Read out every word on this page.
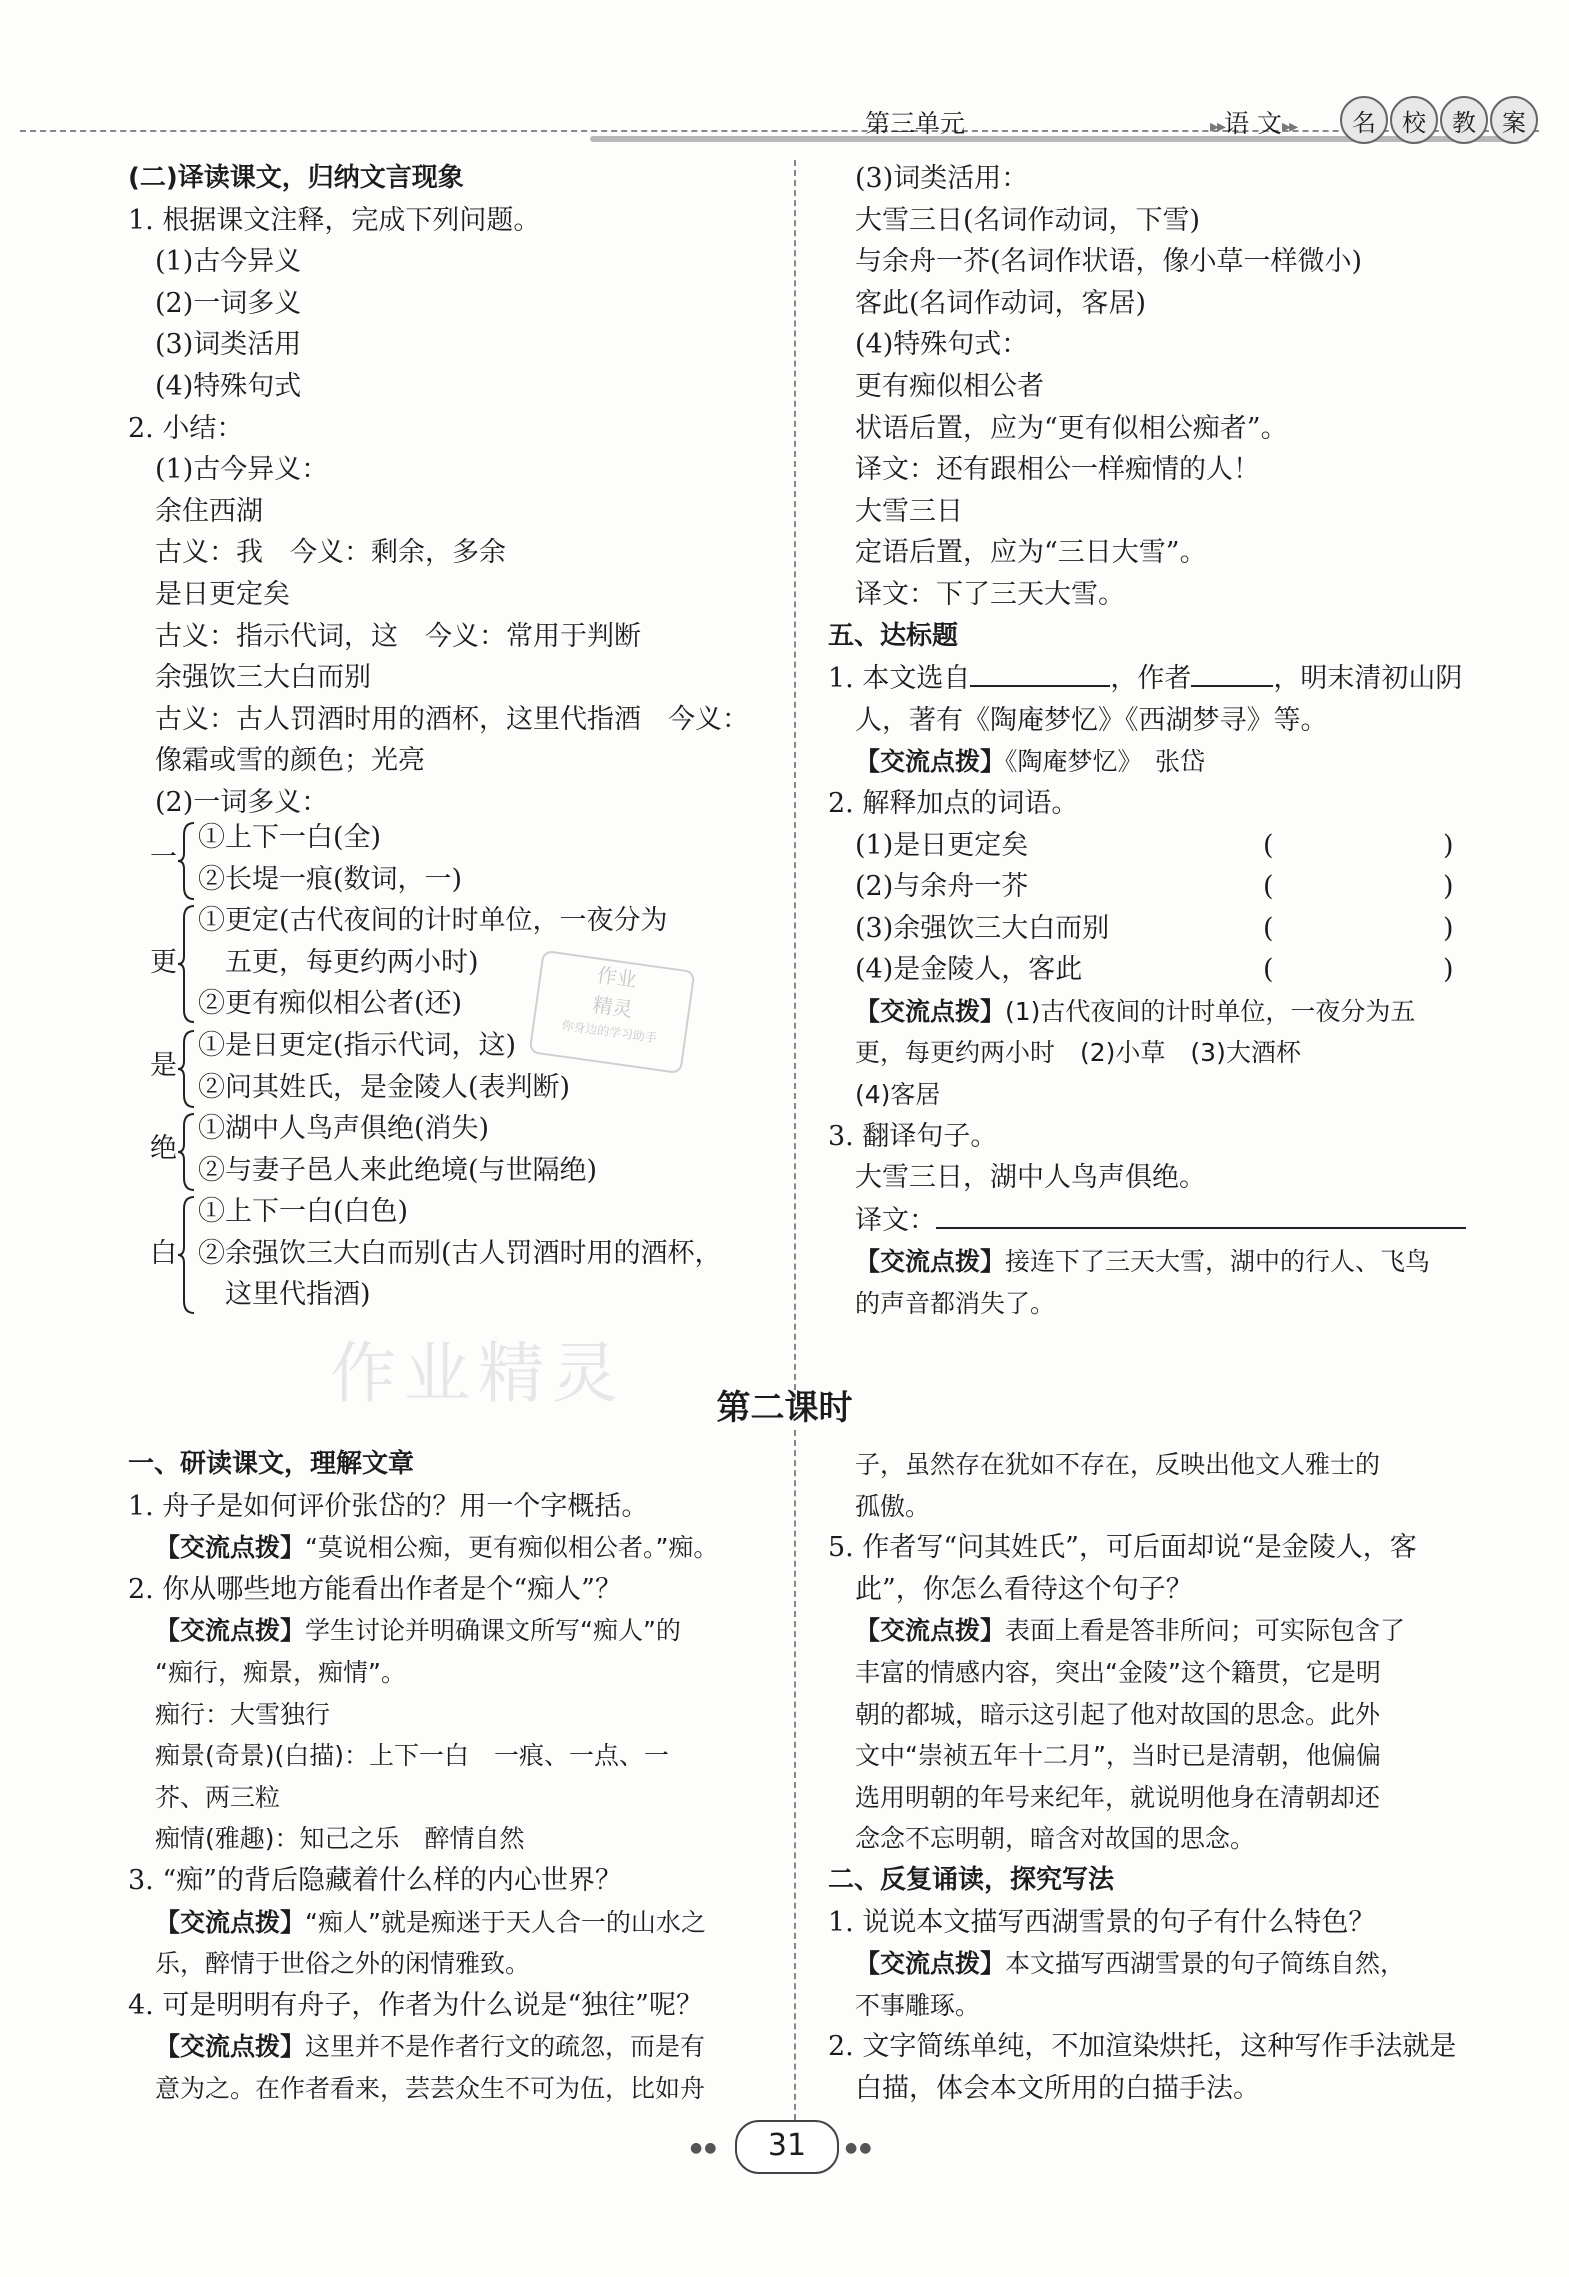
第三单元	▸▸语 文▸▸	名	校	教	案

(二)译读课文，归纳文言现象

1. 根据课文注释，完成下列问题。

(1)古今异义

(2)一词多义

(3)词类活用

(4)特殊句式

2. 小结：

(1)古今异义：

余住西湖

古义：我　今义：剩余，多余

是日更定矣

古义：指示代词，这　今义：常用于判断

余强饮三大白而别

古义：古人罚酒时用的酒杯，这里代指酒　今义：

像霜或雪的颜色；光亮

(2)一词多义：

一

①上下一白(全)

②长堤一痕(数词，一)

更

①更定(古代夜间的计时单位，一夜分为

五更，每更约两小时)

②更有痴似相公者(还)

是

①是日更定(指示代词，这)

②问其姓氏，是金陵人(表判断)

绝

①湖中人鸟声俱绝(消失)

②与妻子邑人来此绝境(与世隔绝)

白

①上下一白(白色)

②余强饮三大白而别(古人罚酒时用的酒杯，

这里代指酒)

作业
精灵
你身边的学习助手

(3)词类活用：

大雪三日(名词作动词，下雪)

与余舟一芥(名词作状语，像小草一样微小)

客此(名词作动词，客居)

(4)特殊句式：

更有痴似相公者

状语后置，应为“更有似相公痴者”。

译文：还有跟相公一样痴情的人！

大雪三日

定语后置，应为“三日大雪”。

译文：下了三天大雪。

五、达标题

1. 本文选自	，作者	，明末清初山阴

人，著有《陶庵梦忆》《西湖梦寻》等。

【交流点拨】《陶庵梦忆》　张岱

2. 解释加点的词语。

(1)是日更定矣	(	)

(2)与余舟一芥	(	)

(3)余强饮三大白而别	(	)

(4)是金陵人，客此	(	)

【交流点拨】(1)古代夜间的计时单位，一夜分为五

更，每更约两小时　(2)小草　(3)大酒杯

(4)客居

3. 翻译句子。

大雪三日，湖中人鸟声俱绝。

译文：

【交流点拨】接连下了三天大雪，湖中的行人、飞鸟

的声音都消失了。

作业精灵	第二课时

一、研读课文，理解文章

1. 舟子是如何评价张岱的？用一个字概括。

【交流点拨】“莫说相公痴，更有痴似相公者。”痴。

2. 你从哪些地方能看出作者是个“痴人”？

【交流点拨】学生讨论并明确课文所写“痴人”的

“痴行，痴景，痴情”。

痴行：大雪独行

痴景(奇景)(白描)：上下一白　一痕、一点、一

芥、两三粒

痴情(雅趣)：知己之乐　醉情自然

3. “痴”的背后隐藏着什么样的内心世界？

【交流点拨】“痴人”就是痴迷于天人合一的山水之

乐，醉情于世俗之外的闲情雅致。

4. 可是明明有舟子，作者为什么说是“独往”呢？

【交流点拨】这里并不是作者行文的疏忽，而是有

意为之。在作者看来，芸芸众生不可为伍，比如舟

子，虽然存在犹如不存在，反映出他文人雅士的

孤傲。

5. 作者写“问其姓氏”，可后面却说“是金陵人，客

此”，你怎么看待这个句子？

【交流点拨】表面上看是答非所问；可实际包含了

丰富的情感内容，突出“金陵”这个籍贯，它是明

朝的都城，暗示这引起了他对故国的思念。此外

文中“崇祯五年十二月”，当时已是清朝，他偏偏

选用明朝的年号来纪年，就说明他身在清朝却还

念念不忘明朝，暗含对故国的思念。

二、反复诵读，探究写法

1. 说说本文描写西湖雪景的句子有什么特色？

【交流点拨】本文描写西湖雪景的句子简练自然，

不事雕琢。

2. 文字简练单纯，不加渲染烘托，这种写作手法就是

白描，体会本文所用的白描手法。

●●	31	●●
